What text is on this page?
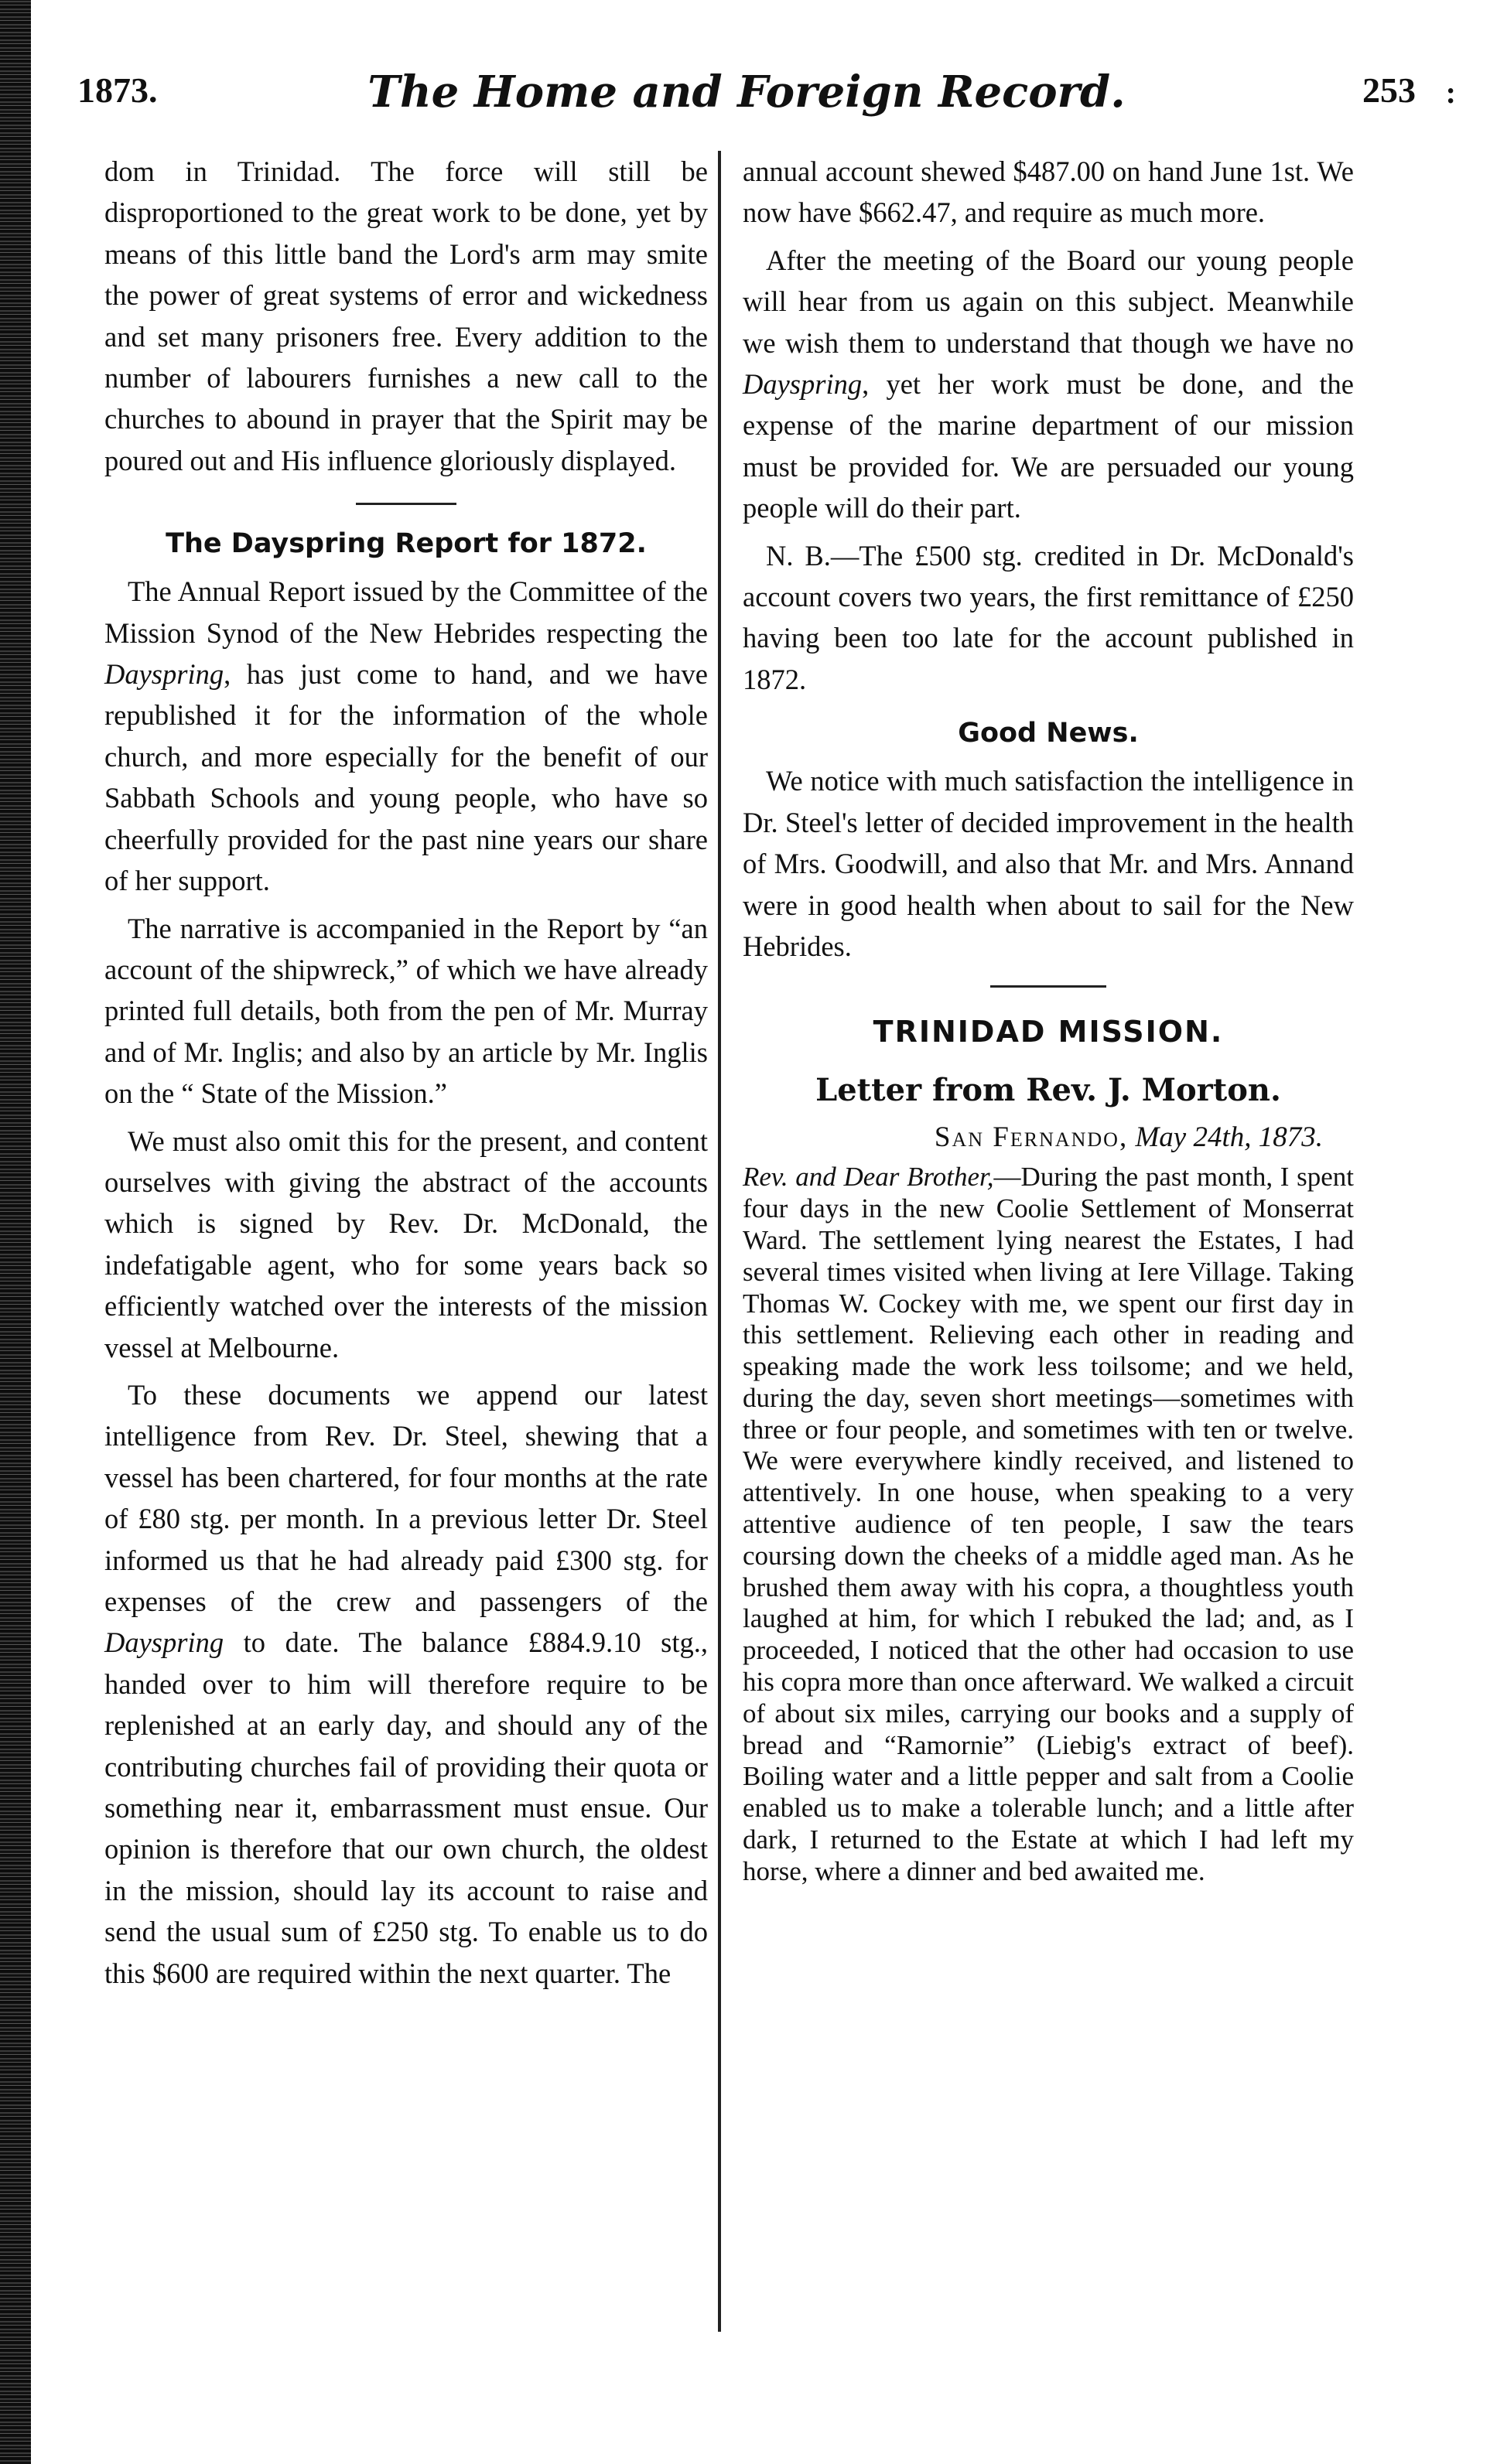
1873.	The Home and Foreign Record.	253 :

dom in Trinidad. The force will still be disproportioned to the great work to be done, yet by means of this little band the Lord's arm may smite the power of great systems of error and wickedness and set many prisoners free. Every addition to the number of labourers furnishes a new call to the churches to abound in prayer that the Spirit may be poured out and His influence gloriously displayed.

The Dayspring Report for 1872.

The Annual Report issued by the Committee of the Mission Synod of the New Hebrides respecting the Dayspring, has just come to hand, and we have republished it for the information of the whole church, and more especially for the benefit of our Sabbath Schools and young people, who have so cheerfully provided for the past nine years our share of her support.

The narrative is accompanied in the Report by “an account of the shipwreck,” of which we have already printed full details, both from the pen of Mr. Murray and of Mr. Inglis; and also by an article by Mr. Inglis on the “ State of the Mission.”

We must also omit this for the present, and content ourselves with giving the abstract of the accounts which is signed by Rev. Dr. McDonald, the indefatigable agent, who for some years back so efficiently watched over the interests of the mission vessel at Melbourne.

To these documents we append our latest intelligence from Rev. Dr. Steel, shewing that a vessel has been chartered, for four months at the rate of £80 stg. per month. In a previous letter Dr. Steel informed us that he had already paid £300 stg. for expenses of the crew and passengers of the Dayspring to date. The balance £884.9.10 stg., handed over to him will therefore require to be replenished at an early day, and should any of the contributing churches fail of providing their quota or something near it, embarrassment must ensue. Our opinion is therefore that our own church, the oldest in the mission, should lay its account to raise and send the usual sum of £250 stg. To enable us to do this $600 are required within the next quarter. The

annual account shewed $487.00 on hand June 1st. We now have $662.47, and require as much more.

After the meeting of the Board our young people will hear from us again on this subject. Meanwhile we wish them to understand that though we have no Dayspring, yet her work must be done, and the expense of the marine department of our mission must be provided for. We are persuaded our young people will do their part.

N. B.—The £500 stg. credited in Dr. McDonald's account covers two years, the first remittance of £250 having been too late for the account published in 1872.

Good News.

We notice with much satisfaction the intelligence in Dr. Steel's letter of decided improvement in the health of Mrs. Goodwill, and also that Mr. and Mrs. Annand were in good health when about to sail for the New Hebrides.

TRINIDAD MISSION.
Letter from Rev. J. Morton.
San Fernando, May 24th, 1873.

Rev. and Dear Brother,—During the past month, I spent four days in the new Coolie Settlement of Monserrat Ward. The settlement lying nearest the Estates, I had several times visited when living at Iere Village. Taking Thomas W. Cockey with me, we spent our first day in this settlement. Relieving each other in reading and speaking made the work less toilsome; and we held, during the day, seven short meetings—sometimes with three or four people, and sometimes with ten or twelve. We were everywhere kindly received, and listened to attentively. In one house, when speaking to a very attentive audience of ten people, I saw the tears coursing down the cheeks of a middle aged man. As he brushed them away with his copra, a thoughtless youth laughed at him, for which I rebuked the lad; and, as I proceeded, I noticed that the other had occasion to use his copra more than once afterward. We walked a circuit of about six miles, carrying our books and a supply of bread and “Ramornie” (Liebig's extract of beef). Boiling water and a little pepper and salt from a Coolie enabled us to make a tolerable lunch; and a little after dark, I returned to the Estate at which I had left my horse, where a dinner and bed awaited me.
